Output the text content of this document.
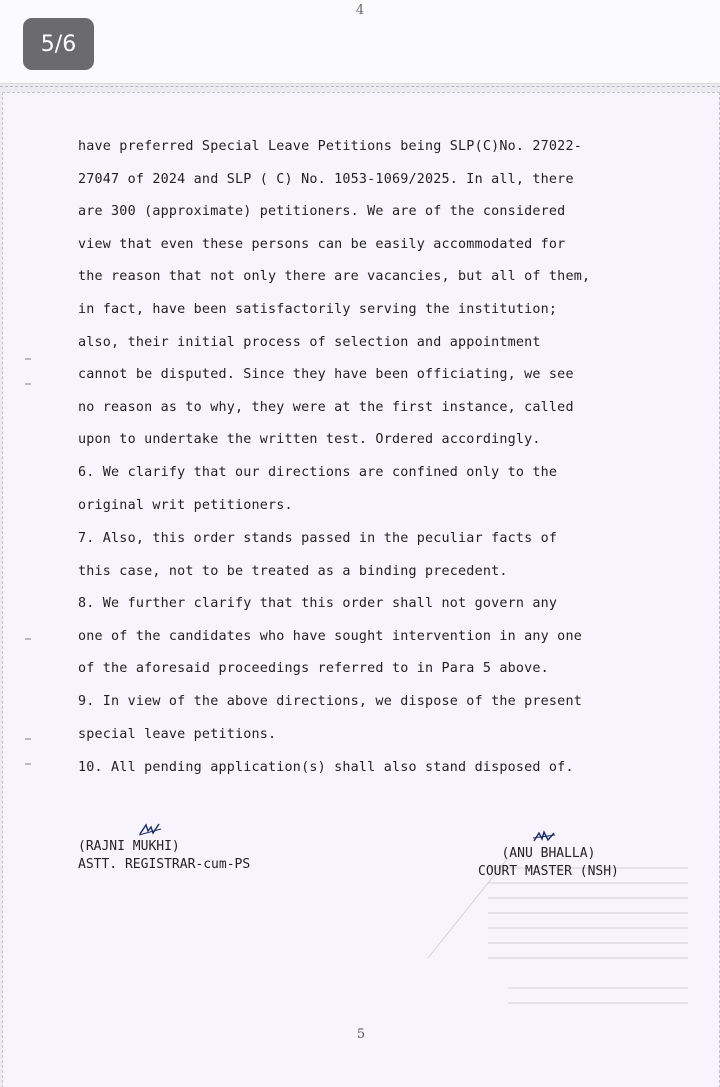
4
5/6
have preferred Special Leave Petitions being SLP(C)No. 27022-
27047 of 2024 and SLP ( C) No. 1053-1069/2025. In all, there
are 300 (approximate) petitioners. We are of the considered
view that even these persons can be easily accommodated for
the reason that not only there are vacancies, but all of them,
in fact, have been satisfactorily serving the institution;
also, their initial process of selection and appointment
cannot be disputed. Since they have been officiating, we see
no reason as to why, they were at the first instance, called
upon to undertake the written test. Ordered accordingly.
6. We clarify that our directions are confined only to the
original writ petitioners.
7. Also, this order stands passed in the peculiar facts of
this case, not to be treated as a binding precedent.
8. We further clarify that this order shall not govern any
one of the candidates who have sought intervention in any one
of the aforesaid proceedings referred to in Para 5 above.
9. In view of the above directions, we dispose of the present
special leave petitions.
10. All pending application(s) shall also stand disposed of.
(RAJNI MUKHI)
ASTT. REGISTRAR-cum-PS
(ANU BHALLA)
COURT MASTER (NSH)
5
